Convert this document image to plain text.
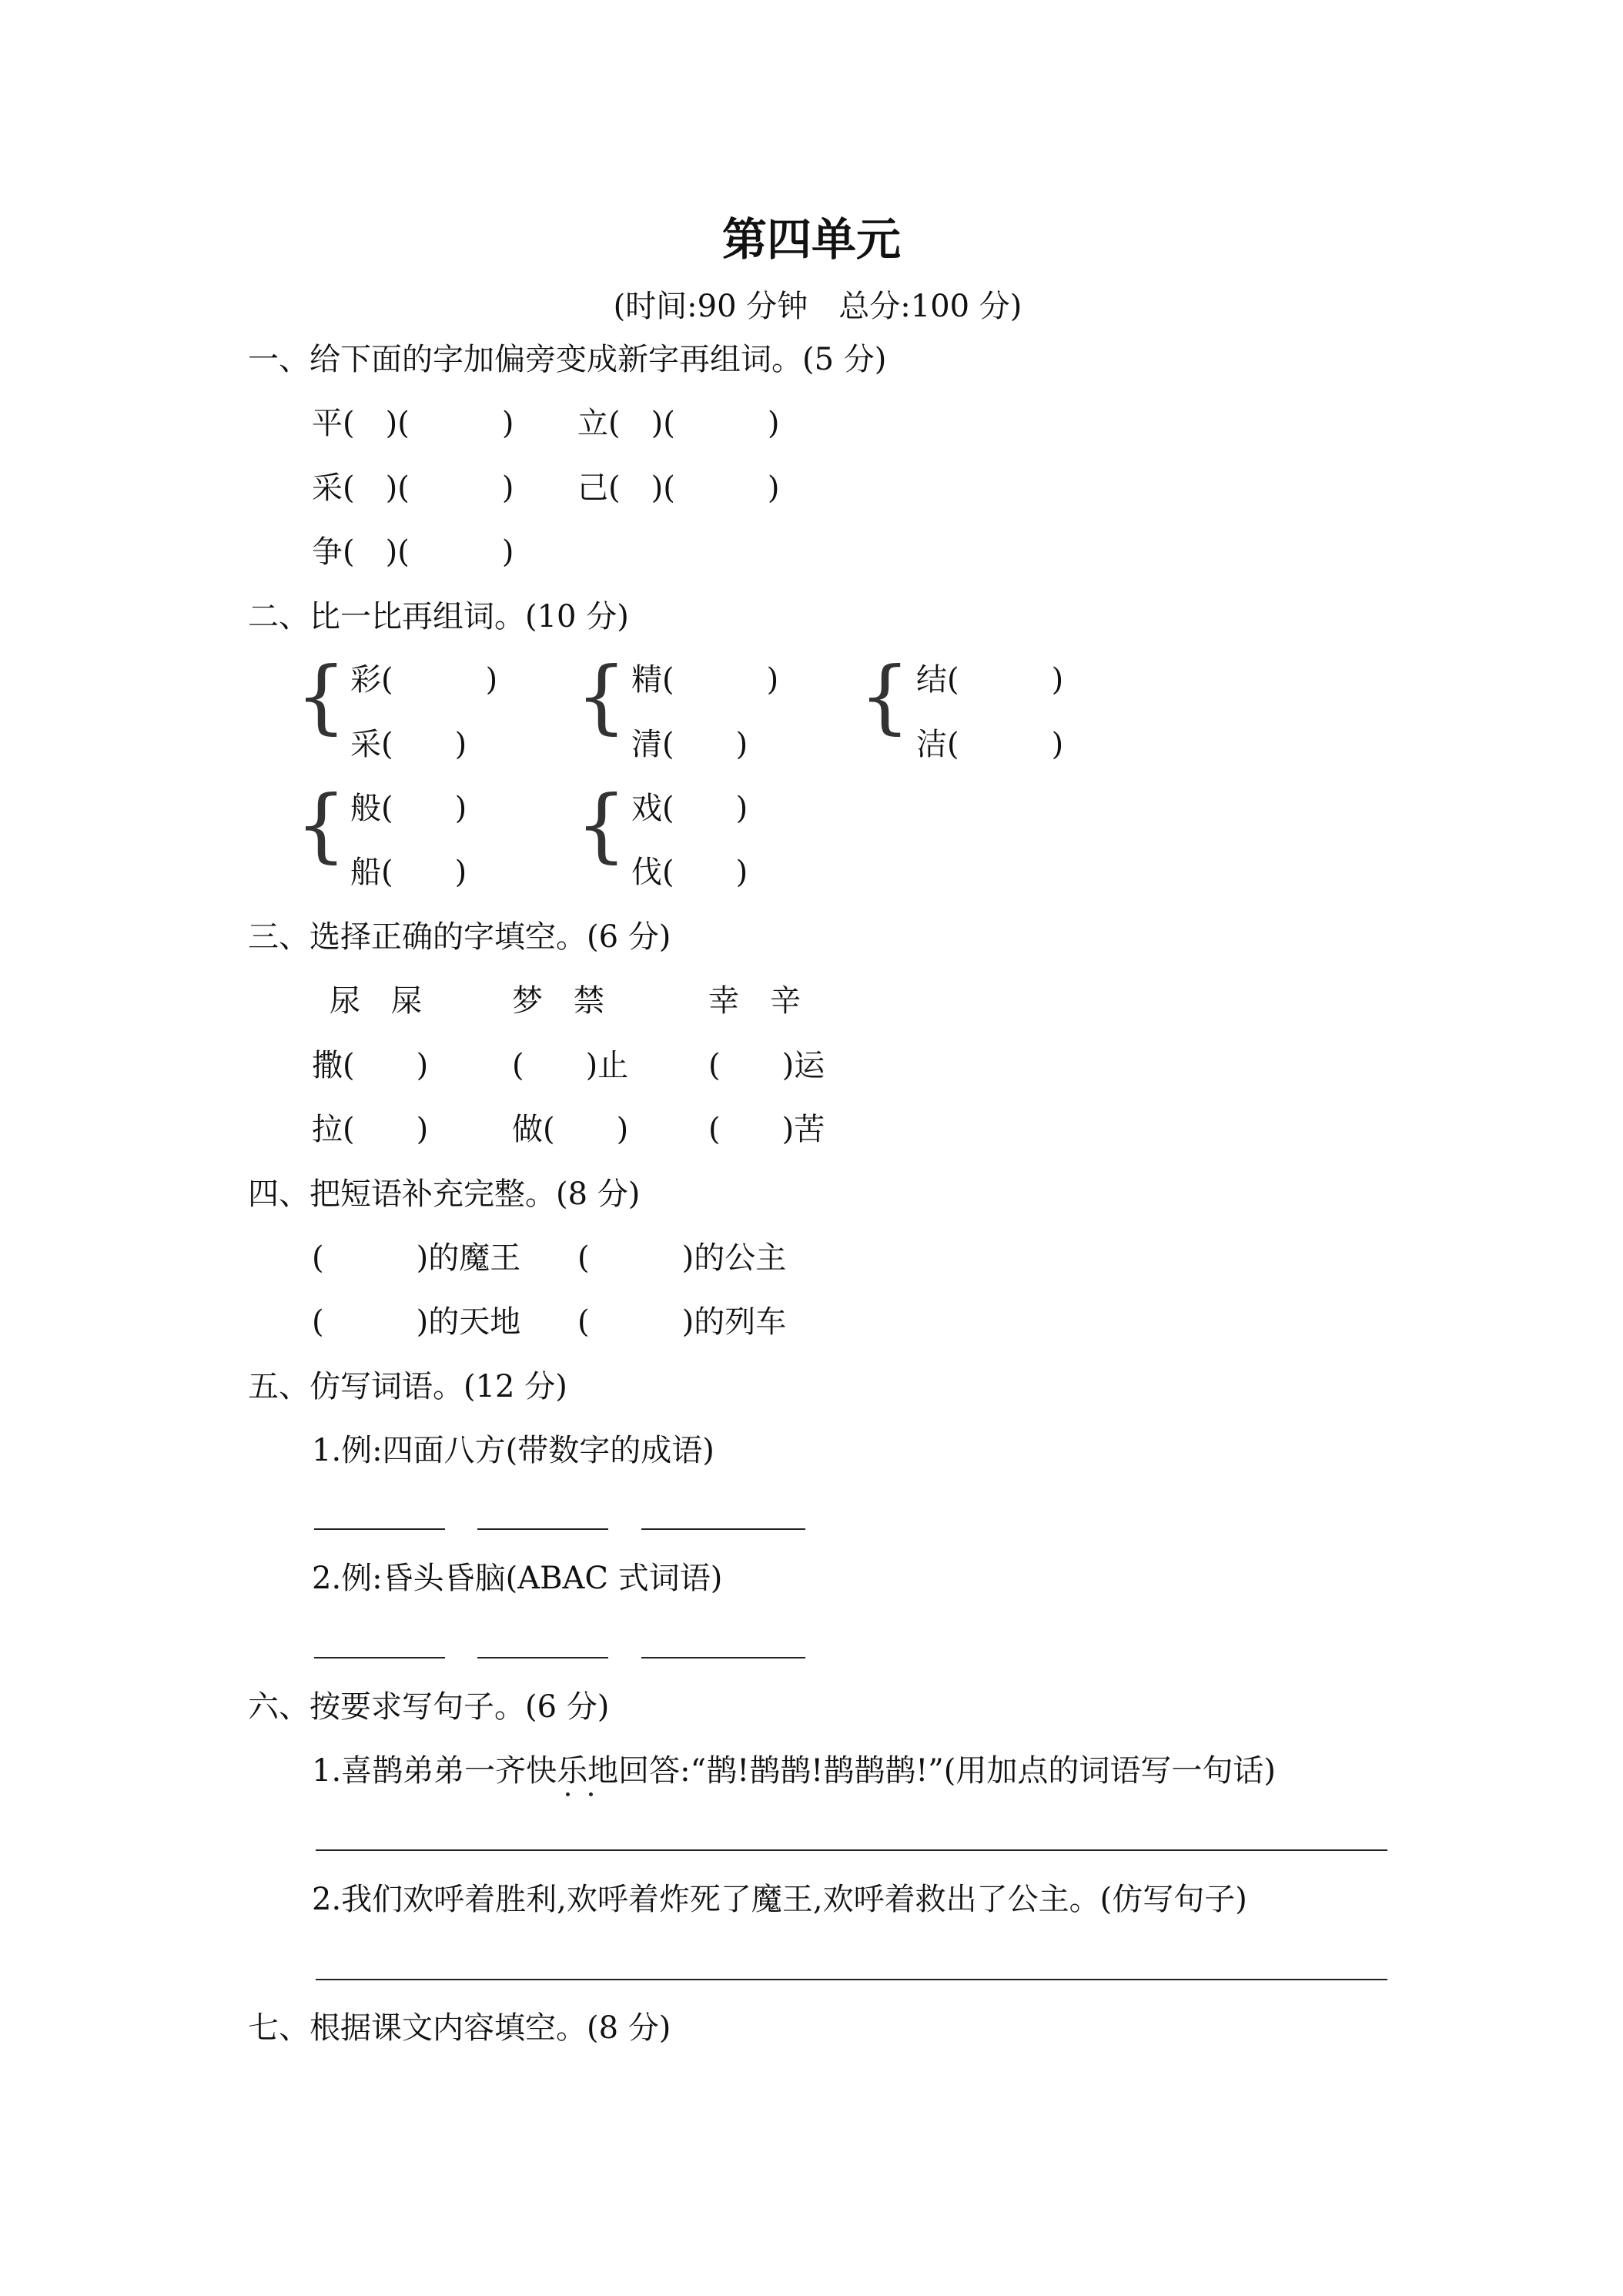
第四单元
(时间:90 分钟　总分:100 分)
一、给下面的字加偏旁变成新字再组词。(5 分)
平(　)(　　　) 立(　)(　　　)
采(　)(　　　) 己(　)(　　　)
争(　)(　　　)
二、比一比再组词。(10 分)
{ 彩(　　　)
采(　　)
{ 精(　　　)
清(　　)
{ 结(　　　)
洁(　　　)
{ 般(　　)
船(　　)
{ 戏(　　)
伐(　　)
三、选择正确的字填空。(6 分)
尿　屎	梦　禁	幸　辛
撒(　　)	(　　)止	(　　)运
拉(　　)	做(　　)	(　　)苦
四、把短语补充完整。(8 分)
(　　　)的魔王 (　　　)的公主
(　　　)的天地 (　　　)的列车
五、仿写词语。(12 分)
1.例:四面八方(带数字的成语)
2.例:昏头昏脑(ABAC 式词语)
六、按要求写句子。(6 分)
1.喜鹊弟弟一齐快乐地回答:“鹊!鹊鹊!鹊鹊鹊!”(用加点的词语写一句话)
2.我们欢呼着胜利,欢呼着炸死了魔王,欢呼着救出了公主。(仿写句子)
七、根据课文内容填空。(8 分)
